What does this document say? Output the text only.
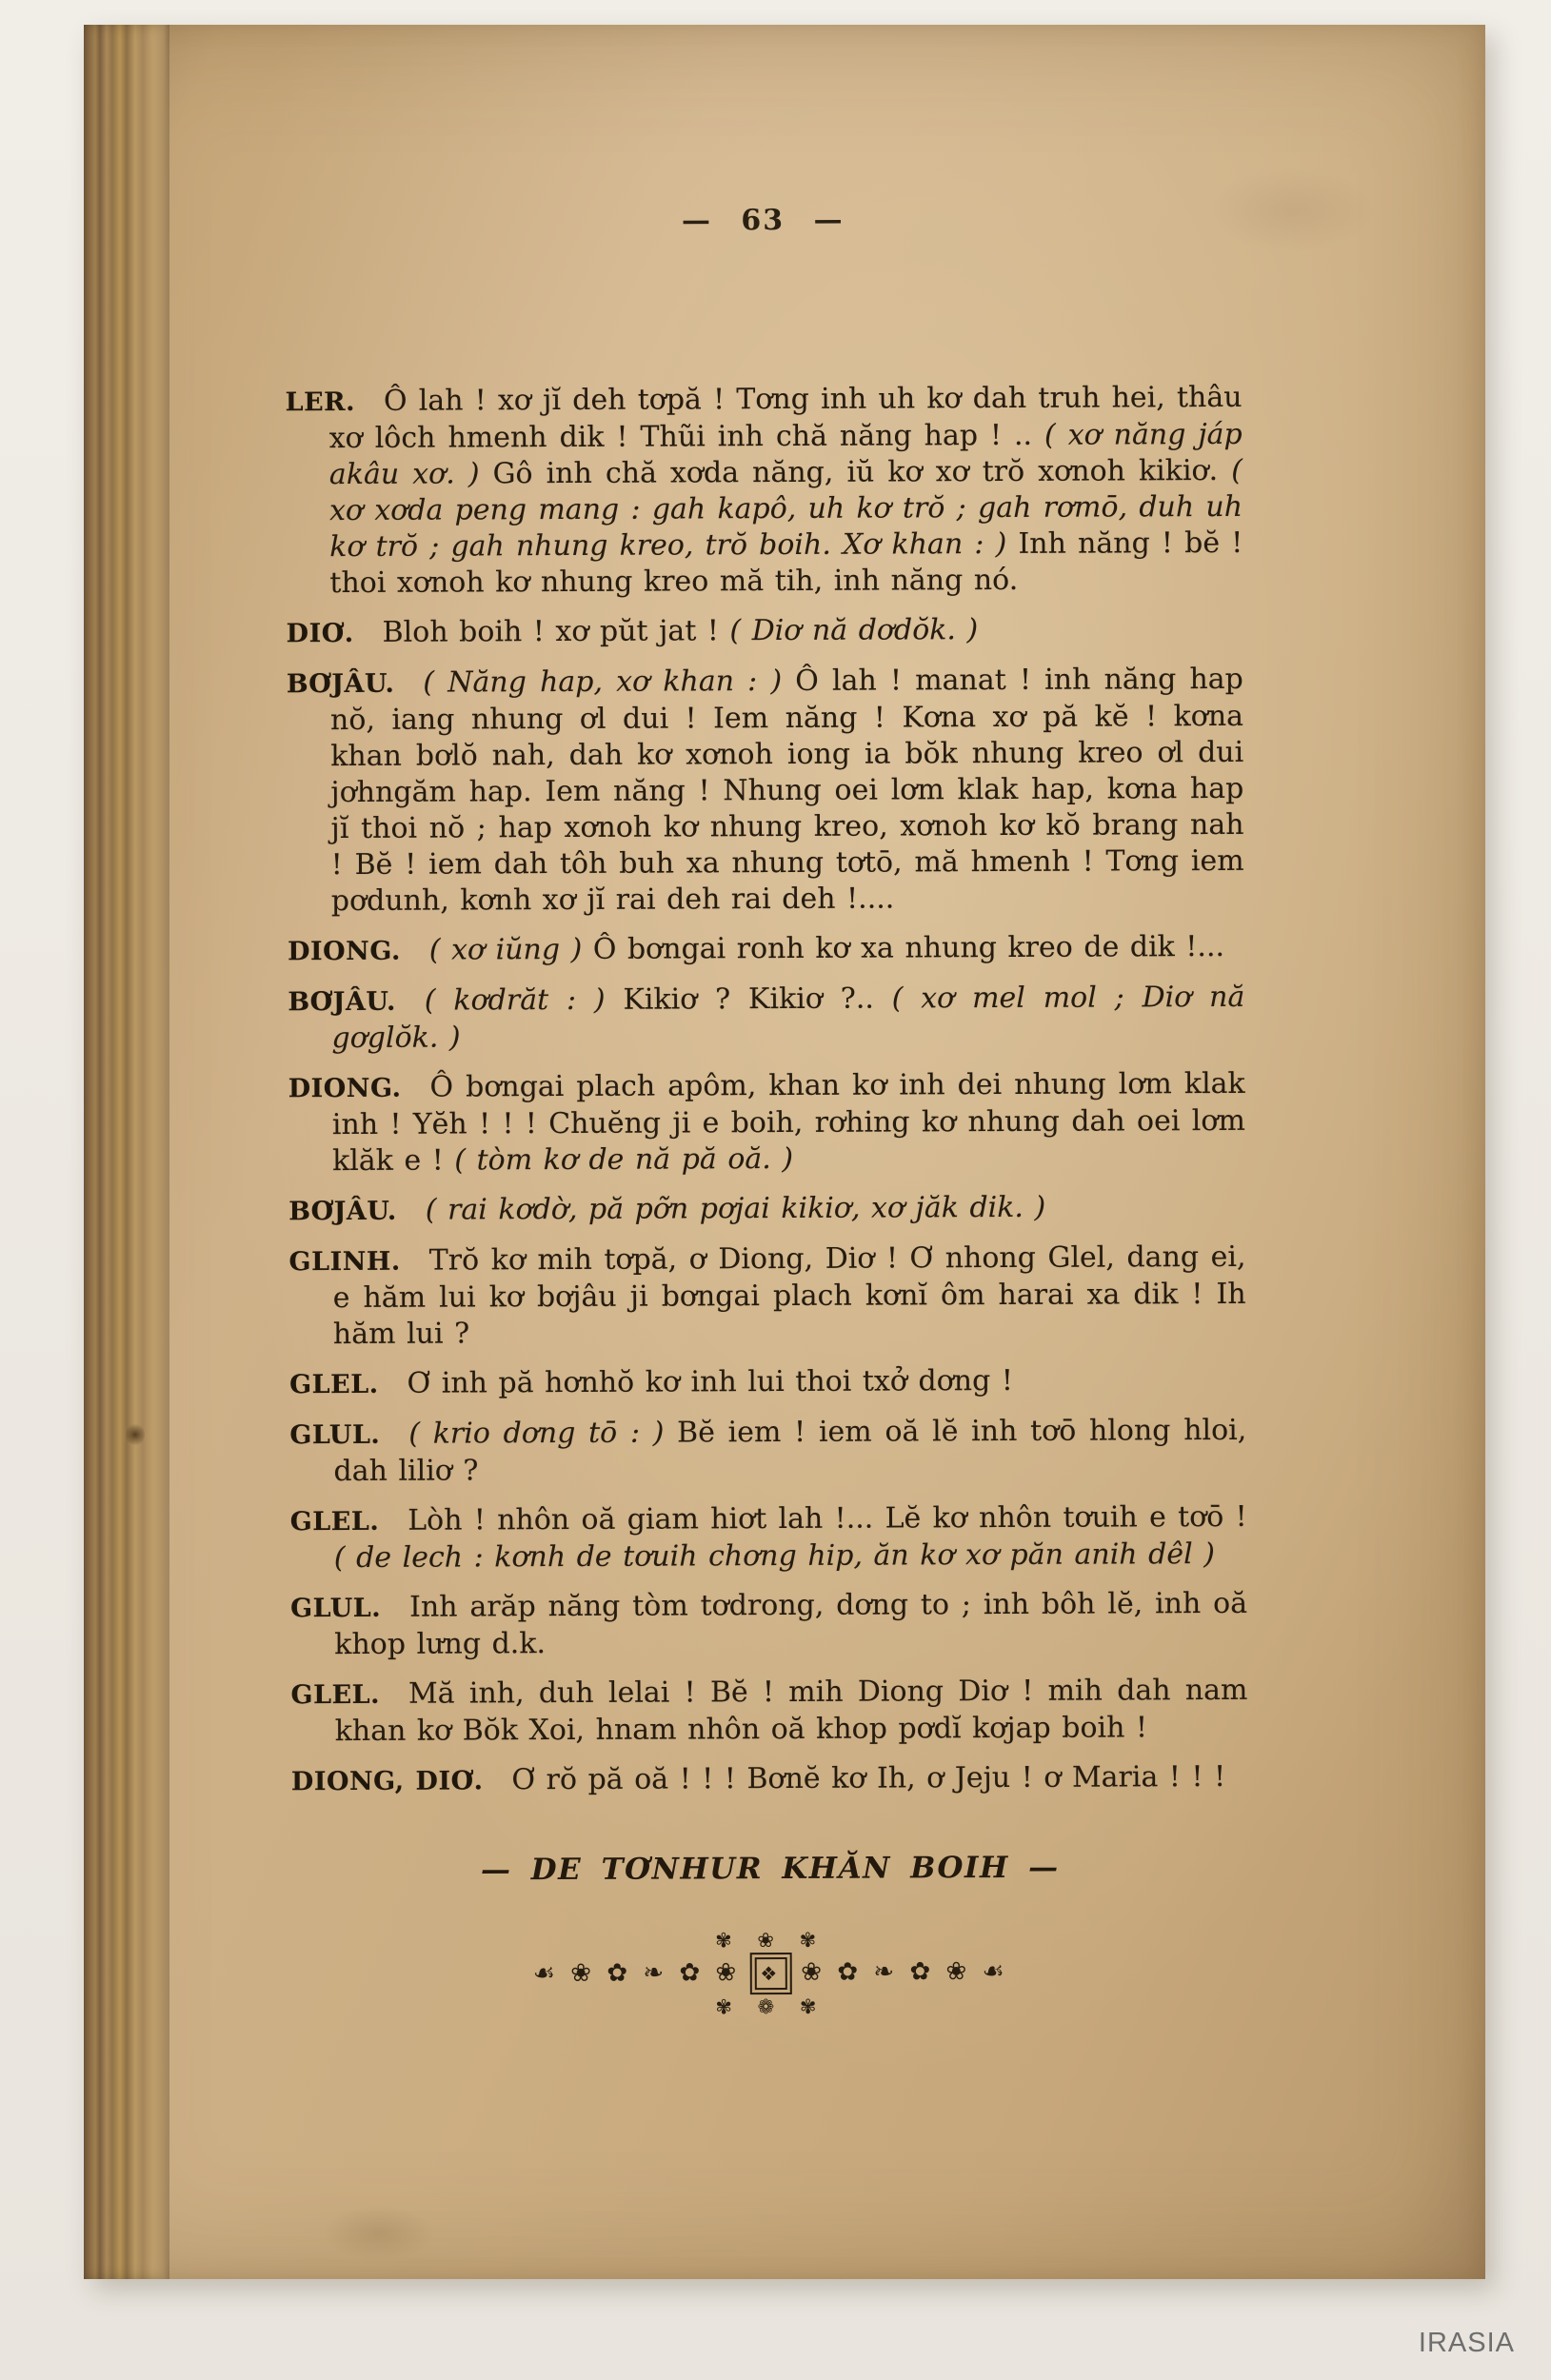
— 63 —

LER. Ô lah ! xơ jĭ deh tơpă ! Tơng inh uh kơ dah truh hei, thâu xơ lôch hmenh dik ! Thũi inh chă năng hap ! .. ( xơ năng jáp akâu xơ. ) Gô inh chă xơda năng, iŭ kơ xơ trŏ xơnoh kikiơ. ( xơ xơda peng mang : gah kapô, uh kơ trŏ ; gah rơmō, duh uh kơ trŏ ; gah nhung kreo, trŏ boih. Xơ khan : ) Inh năng ! bĕ ! thoi xơnoh kơ nhung kreo mă tih, inh năng nó.

DIƠ. Bloh boih ! xơ pŭt jat ! ( Diơ nă dơdŏk. )

BƠJÂU. ( Năng hap, xơ khan : ) Ô lah ! manat ! inh năng hap nŏ, iang nhung ơl dui ! Iem năng ! Kơna xơ pă kĕ ! kơna khan bơlŏ nah, dah kơ xơnoh iong ia bŏk nhung kreo ơl dui jơhngăm hap. Iem năng ! Nhung oei lơm klak hap, kơna hap jĭ thoi nŏ ; hap xơnoh kơ nhung kreo, xơnoh kơ kŏ brang nah ! Bĕ ! iem dah tôh buh xa nhung tơtō, mă hmenh ! Tơng iem pơdunh, kơnh xơ jĭ rai deh rai deh !....

DIONG. ( xơ iŭng ) Ô bơngai ronh kơ xa nhung kreo de dik !...

BƠJÂU. ( kơdrăt : ) Kikiơ ? Kikiơ ?.. ( xơ mel mol ; Diơ nă gơglŏk. )

DIONG. Ô bơngai plach apôm, khan kơ inh dei nhung lơm klak inh ! Yĕh ! ! ! Chuĕng ji e boih, rơhing kơ nhung dah oei lơm klăk e ! ( tòm kơ de nă pă oă. )

BƠJÂU. ( rai kơdờ, pă pỡn pơjai kikiơ, xơ jăk dik. )

GLINH. Trŏ kơ mih tơpă, ơ Diong, Diơ ! Ơ nhong Glel, dang ei, e hăm lui kơ bơjâu ji bơngai plach kơnĭ ôm harai xa dik ! Ih hăm lui ?

GLEL. Ơ inh pă hơnhŏ kơ inh lui thoi txở dơng !

GLUL. ( krio dơng tō : ) Bĕ iem ! iem oă lĕ inh tơō hlong hloi, dah liliơ ?

GLEL. Lòh ! nhôn oă giam hiơt lah !... Lĕ kơ nhôn tơuih e tơō ! ( de lech : kơnh de tơuih chơng hip, ăn kơ xơ păn anih dêl )

GLUL. Inh arăp năng tòm tơdrong, dơng to ; inh bôh lĕ, inh oă khop lưng d.k.

GLEL. Mă inh, duh lelai ! Bĕ ! mih Diong Diơ ! mih dah nam khan kơ Bŏk Xoi, hnam nhôn oă khop pơdĭ kơjap boih !

DIONG, DIƠ. Ơ rŏ pă oă ! ! ! Bơnĕ kơ Ih, ơ Jeju ! ơ Maria ! ! !

— DE TƠNHUR KHĂN BOIH —
✾ ❀ ✾
☙ ❀ ✿ ❧ ✿ ❀ ❖ ❀ ✿ ❧ ✿ ❀ ☙
✾ ❁ ✾
IRASIA
